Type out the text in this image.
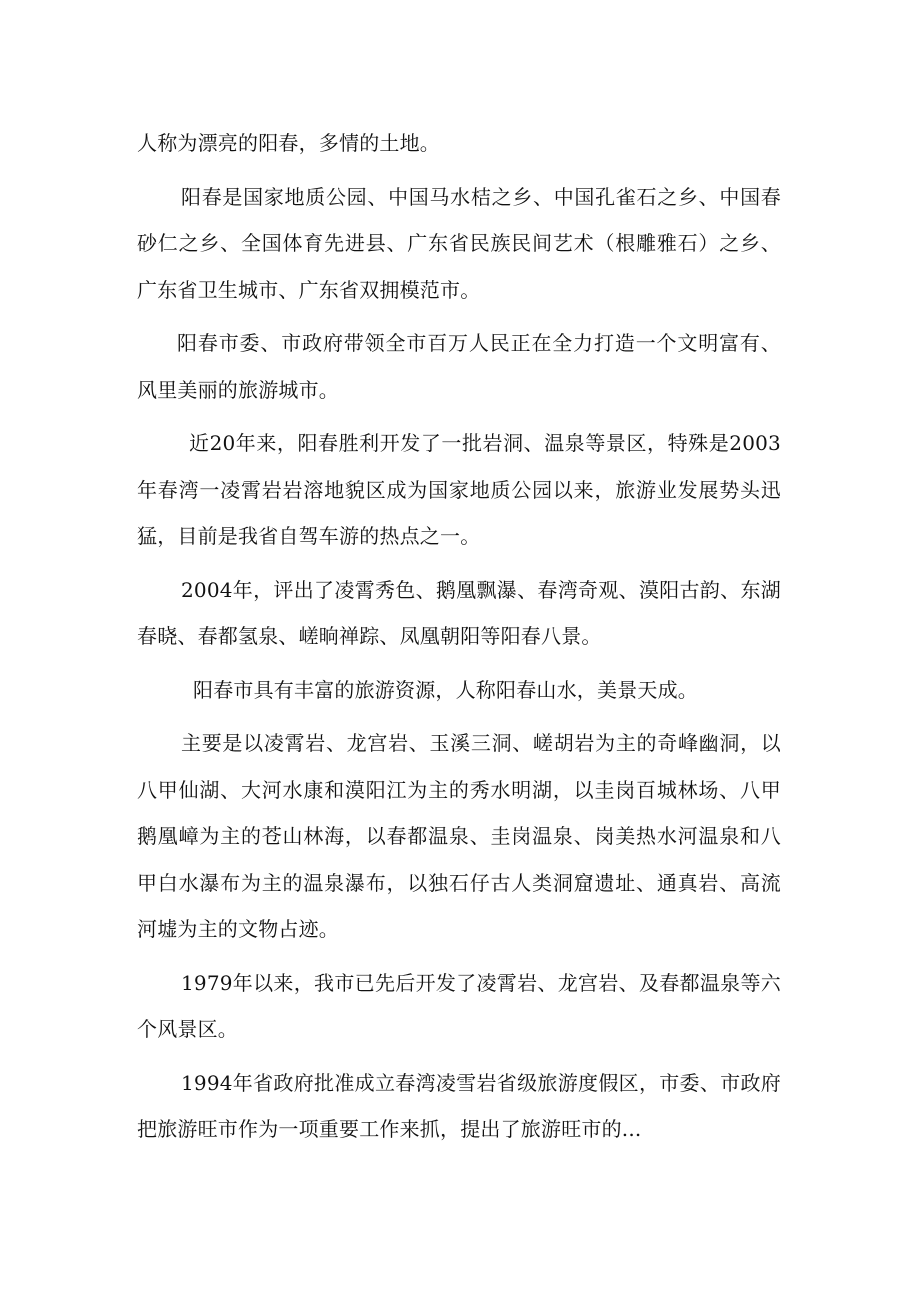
人称为漂亮的阳春，多情的土地。

阳春是国家地质公园、中国马水桔之乡、中国孔雀石之乡、中国春砂仁之乡、全国体育先进县、广东省民族民间艺术（根雕雅石）之乡、广东省卫生城市、广东省双拥模范市。

阳春市委、市政府带领全市百万人民正在全力打造一个文明富有、风里美丽的旅游城市。

近20年来，阳春胜利开发了一批岩洞、温泉等景区，特殊是2003年春湾一凌霄岩岩溶地貌区成为国家地质公园以来，旅游业发展势头迅猛，目前是我省自驾车游的热点之一。

2004年，评出了凌霄秀色、鹅凰飘瀑、春湾奇观、漠阳古韵、东湖春晓、春都氢泉、嵯晌禅踪、凤凰朝阳等阳春八景。

阳春市具有丰富的旅游资源，人称阳春山水，美景天成。

主要是以凌霄岩、龙宫岩、玉溪三洞、嵯胡岩为主的奇峰幽洞，以八甲仙湖、大河水康和漠阳江为主的秀水明湖，以圭岗百城林场、八甲鹅凰嶂为主的苍山林海，以春都温泉、圭岗温泉、岗美热水河温泉和八甲白水瀑布为主的温泉瀑布，以独石仔古人类洞窟遗址、通真岩、高流河墟为主的文物占迹。

1979年以来，我市已先后开发了凌霄岩、龙宫岩、及春都温泉等六个风景区。

1994年省政府批准成立春湾凌雪岩省级旅游度假区，市委、市政府把旅游旺市作为一项重要工作来抓，提出了旅游旺市的...
